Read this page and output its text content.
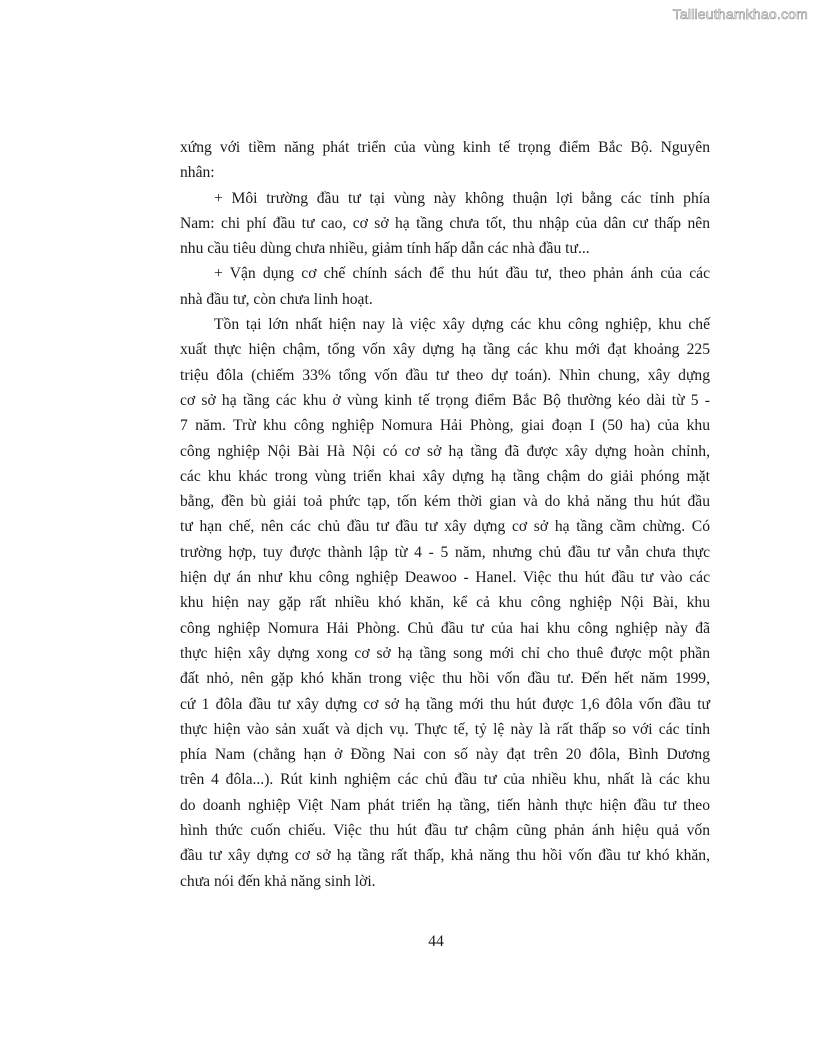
Tailieuthamkhao.com
xứng với tiềm năng phát triển của vùng kinh tế trọng điểm Bắc Bộ. Nguyên
nhân:
+ Môi trường đầu tư tại vùng này không thuận lợi bằng các tỉnh phía
Nam: chi phí đầu tư cao, cơ sở hạ tầng chưa tốt, thu nhập của dân cư thấp nên
nhu cầu tiêu dùng chưa nhiều, giảm tính hấp dẫn các nhà đầu tư...
+ Vận dụng cơ chế chính sách để thu hút đầu tư, theo phản ánh của các
nhà đầu tư, còn chưa linh hoạt.
Tồn tại lớn nhất hiện nay là việc xây dựng các khu công nghiệp, khu chế
xuất thực hiện chậm, tổng vốn xây dựng hạ tầng các khu mới đạt khoảng 225
triệu đôla (chiếm 33% tổng vốn đầu tư theo dự toán). Nhìn chung, xây dựng
cơ sở hạ tầng các khu ở vùng kinh tế trọng điểm Bắc Bộ thường kéo dài từ 5 -
7 năm. Trừ khu công nghiệp Nomura Hải Phòng, giai đoạn I (50 ha) của khu
công nghiệp Nội Bài Hà Nội có cơ sở hạ tầng đã được xây dựng hoàn chỉnh,
các khu khác trong vùng triển khai xây dựng hạ tầng chậm do giải phóng mặt
bằng, đền bù giải toả phức tạp, tốn kém thời gian và do khả năng thu hút đầu
tư hạn chế, nên các chủ đầu tư đầu tư xây dựng cơ sở hạ tầng cầm chừng. Có
trường hợp, tuy được thành lập từ 4 - 5 năm, nhưng chủ đầu tư vẫn chưa thực
hiện dự án như khu công nghiệp Deawoo - Hanel. Việc thu hút đầu tư vào các
khu hiện nay gặp rất nhiều khó khăn, kể cả khu công nghiệp Nội Bài, khu
công nghiệp Nomura Hải Phòng. Chủ đầu tư của hai khu công nghiệp này đã
thực hiện xây dựng xong cơ sở hạ tầng song mới chỉ cho thuê được một phần
đất nhỏ, nên gặp khó khăn trong việc thu hồi vốn đầu tư. Đến hết năm 1999,
cứ 1 đôla đầu tư xây dựng cơ sở hạ tầng mới thu hút được 1,6 đôla vốn đầu tư
thực hiện vào sản xuất và dịch vụ. Thực tế, tỷ lệ này là rất thấp so với các tỉnh
phía Nam (chẳng hạn ở Đồng Nai con số này đạt trên 20 đôla, Bình Dương
trên 4 đôla...). Rút kinh nghiệm các chủ đầu tư của nhiều khu, nhất là các khu
do doanh nghiệp Việt Nam phát triển hạ tầng, tiến hành thực hiện đầu tư theo
hình thức cuốn chiếu. Việc thu hút đầu tư chậm cũng phản ánh hiệu quả vốn
đầu tư xây dựng cơ sở hạ tầng rất thấp, khả năng thu hồi vốn đầu tư khó khăn,
chưa nói đến khả năng sinh lời.
44
